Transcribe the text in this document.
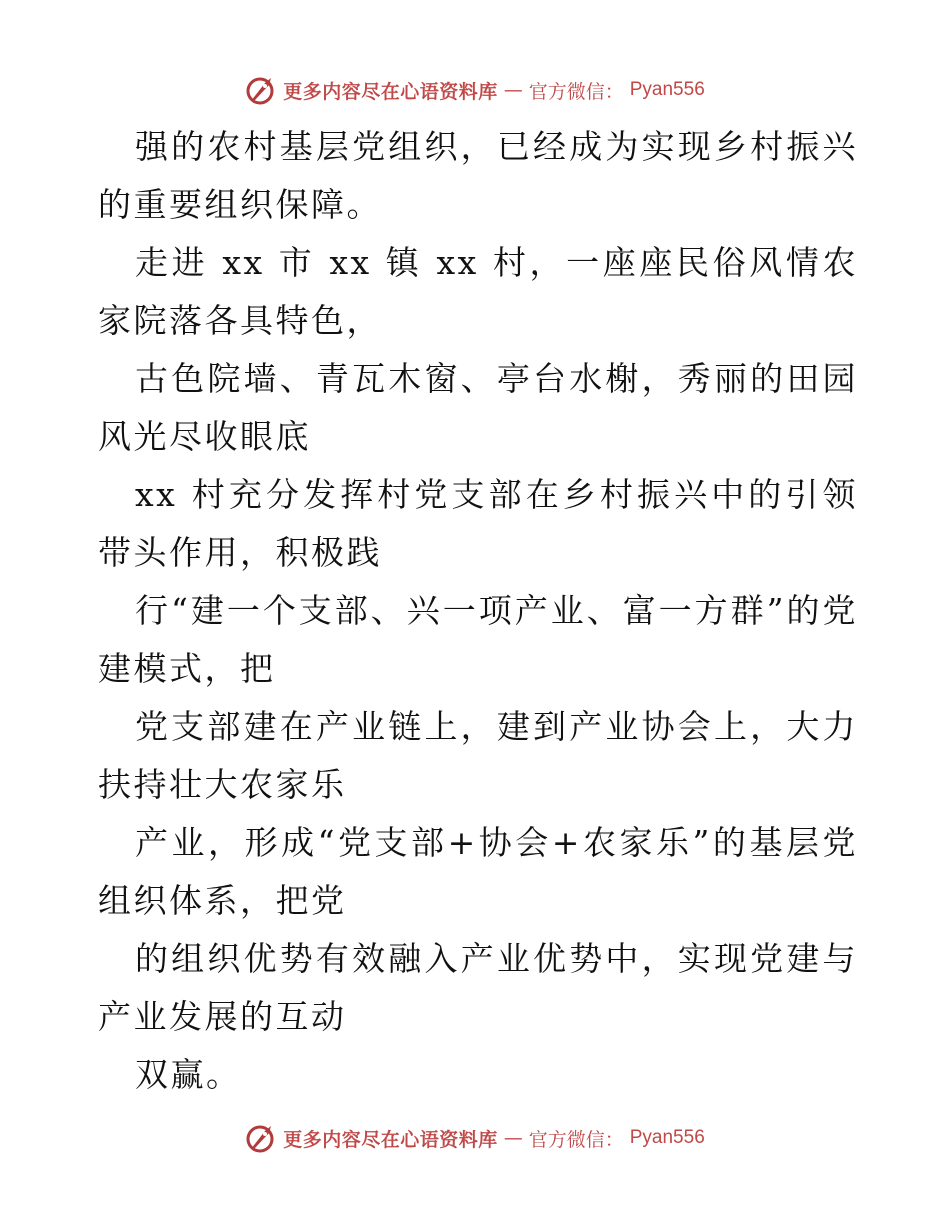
更多内容尽在心语资料库 — 官方微信： Pyan556

强的农村基层党组织，已经成为实现乡村振兴的重要组织保障。

走进 xx 市 xx 镇 xx 村，一座座民俗风情农家院落各具特色，

古色院墙、青瓦木窗、亭台水榭，秀丽的田园风光尽收眼底

xx 村充分发挥村党支部在乡村振兴中的引领带头作用，积极践

行“建一个支部、兴一项产业、富一方群”的党建模式，把

党支部建在产业链上，建到产业协会上，大力扶持壮大农家乐

产业，形成“党支部+协会+农家乐”的基层党组织体系，把党

的组织优势有效融入产业优势中，实现党建与产业发展的互动

双赢。

更多内容尽在心语资料库 — 官方微信： Pyan556
